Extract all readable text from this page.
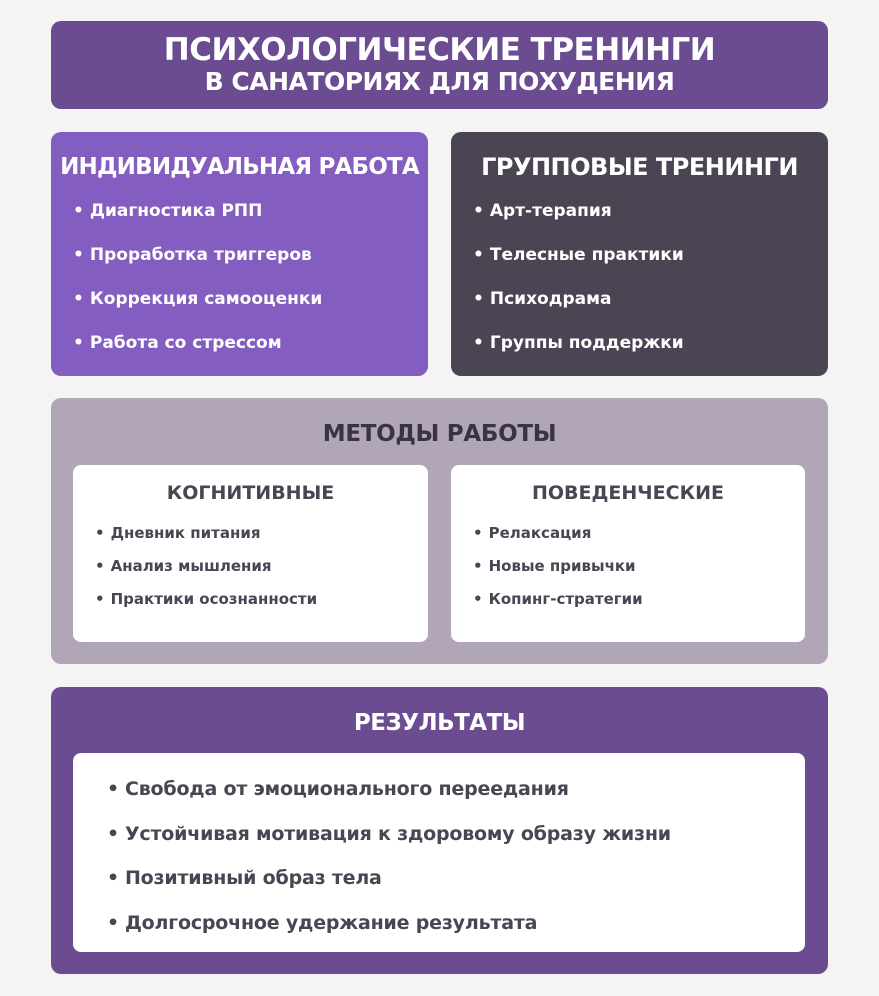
ПСИХОЛОГИЧЕСКИЕ ТРЕНИНГИ
В САНАТОРИЯХ ДЛЯ ПОХУДЕНИЯ
ИНДИВИДУАЛЬНАЯ РАБОТА
• Диагностика РПП
• Проработка триггеров
• Коррекция самооценки
• Работа со стрессом
ГРУППОВЫЕ ТРЕНИНГИ
• Арт-терапия
• Телесные практики
• Психодрама
• Группы поддержки
МЕТОДЫ РАБОТЫ
КОГНИТИВНЫЕ
• Дневник питания
• Анализ мышления
• Практики осознанности
ПОВЕДЕНЧЕСКИЕ
• Релаксация
• Новые привычки
• Копинг-стратегии
РЕЗУЛЬТАТЫ
• Свобода от эмоционального переедания
• Устойчивая мотивация к здоровому образу жизни
• Позитивный образ тела
• Долгосрочное удержание результата
